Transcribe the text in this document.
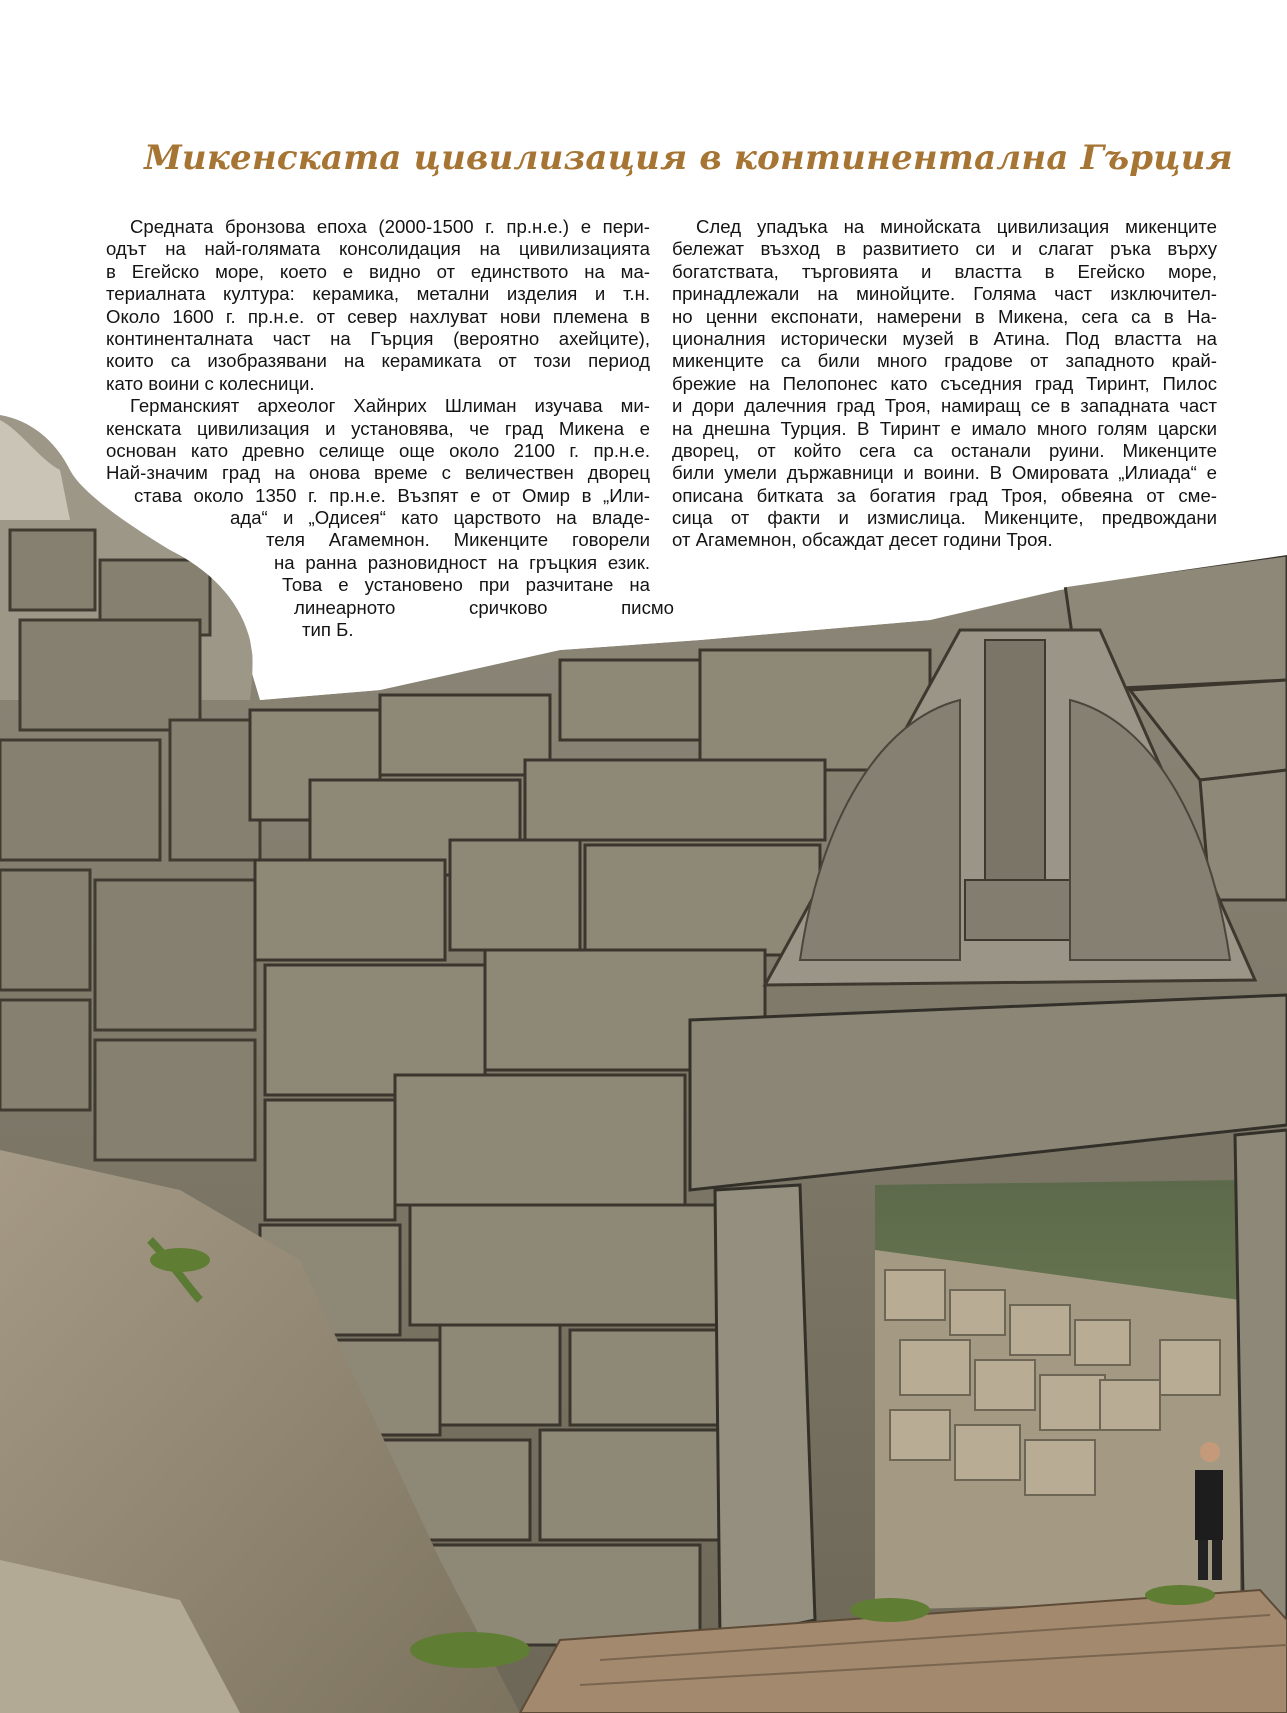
Микенската цивилизация в континентална Гърция
Средната бронзова епоха (2000-1500 г. пр.н.е.) е пери-
одът на най-голямата консолидация на цивилизацията
в Егейско море, което е видно от единството на ма-
териалната култура: керамика, метални изделия и т.н.
Около 1600 г. пр.н.е. от север нахлуват нови племена в
континенталната част на Гърция (вероятно ахейците),
които са изобразявани на керамиката от този период
като воини с колесници.
Германският археолог Хайнрих Шлиман изучава ми-
кенската цивилизация и установява, че град Микена е
основан като древно селище още около 2100 г. пр.н.е.
Най-значим град на онова време с величествен дворец
става около 1350 г. пр.н.е. Възпят е от Омир в „Или-
ада“ и „Одисея“ като царството на владе-
теля Агамемнон. Микенците говорели
на ранна разновидност на гръцкия език.
Това е установено при разчитане на
линеарното сричково писмо
тип Б.
След упадъка на минойската цивилизация микенците
бележат възход в развитието си и слагат ръка върху
богатствата, търговията и властта в Егейско море,
принадлежали на минойците. Голяма част изключител-
но ценни експонати, намерени в Микена, сега са в На-
ционалния исторически музей в Атина. Под властта на
микенците са били много градове от западното край-
брежие на Пелопонес като съседния град Тиринт, Пилос
и дори далечния град Троя, намиращ се в западната част
на днешна Турция. В Тиринт е имало много голям царски
дворец, от който сега са останали руини. Микенците
били умели държавници и воини. В Омировата „Илиада“ е
описана битката за богатия град Троя, обвеяна от сме-
сица от факти и измислица. Микенците, предвождани
от Агамемнон, обсаждат десет години Троя.
